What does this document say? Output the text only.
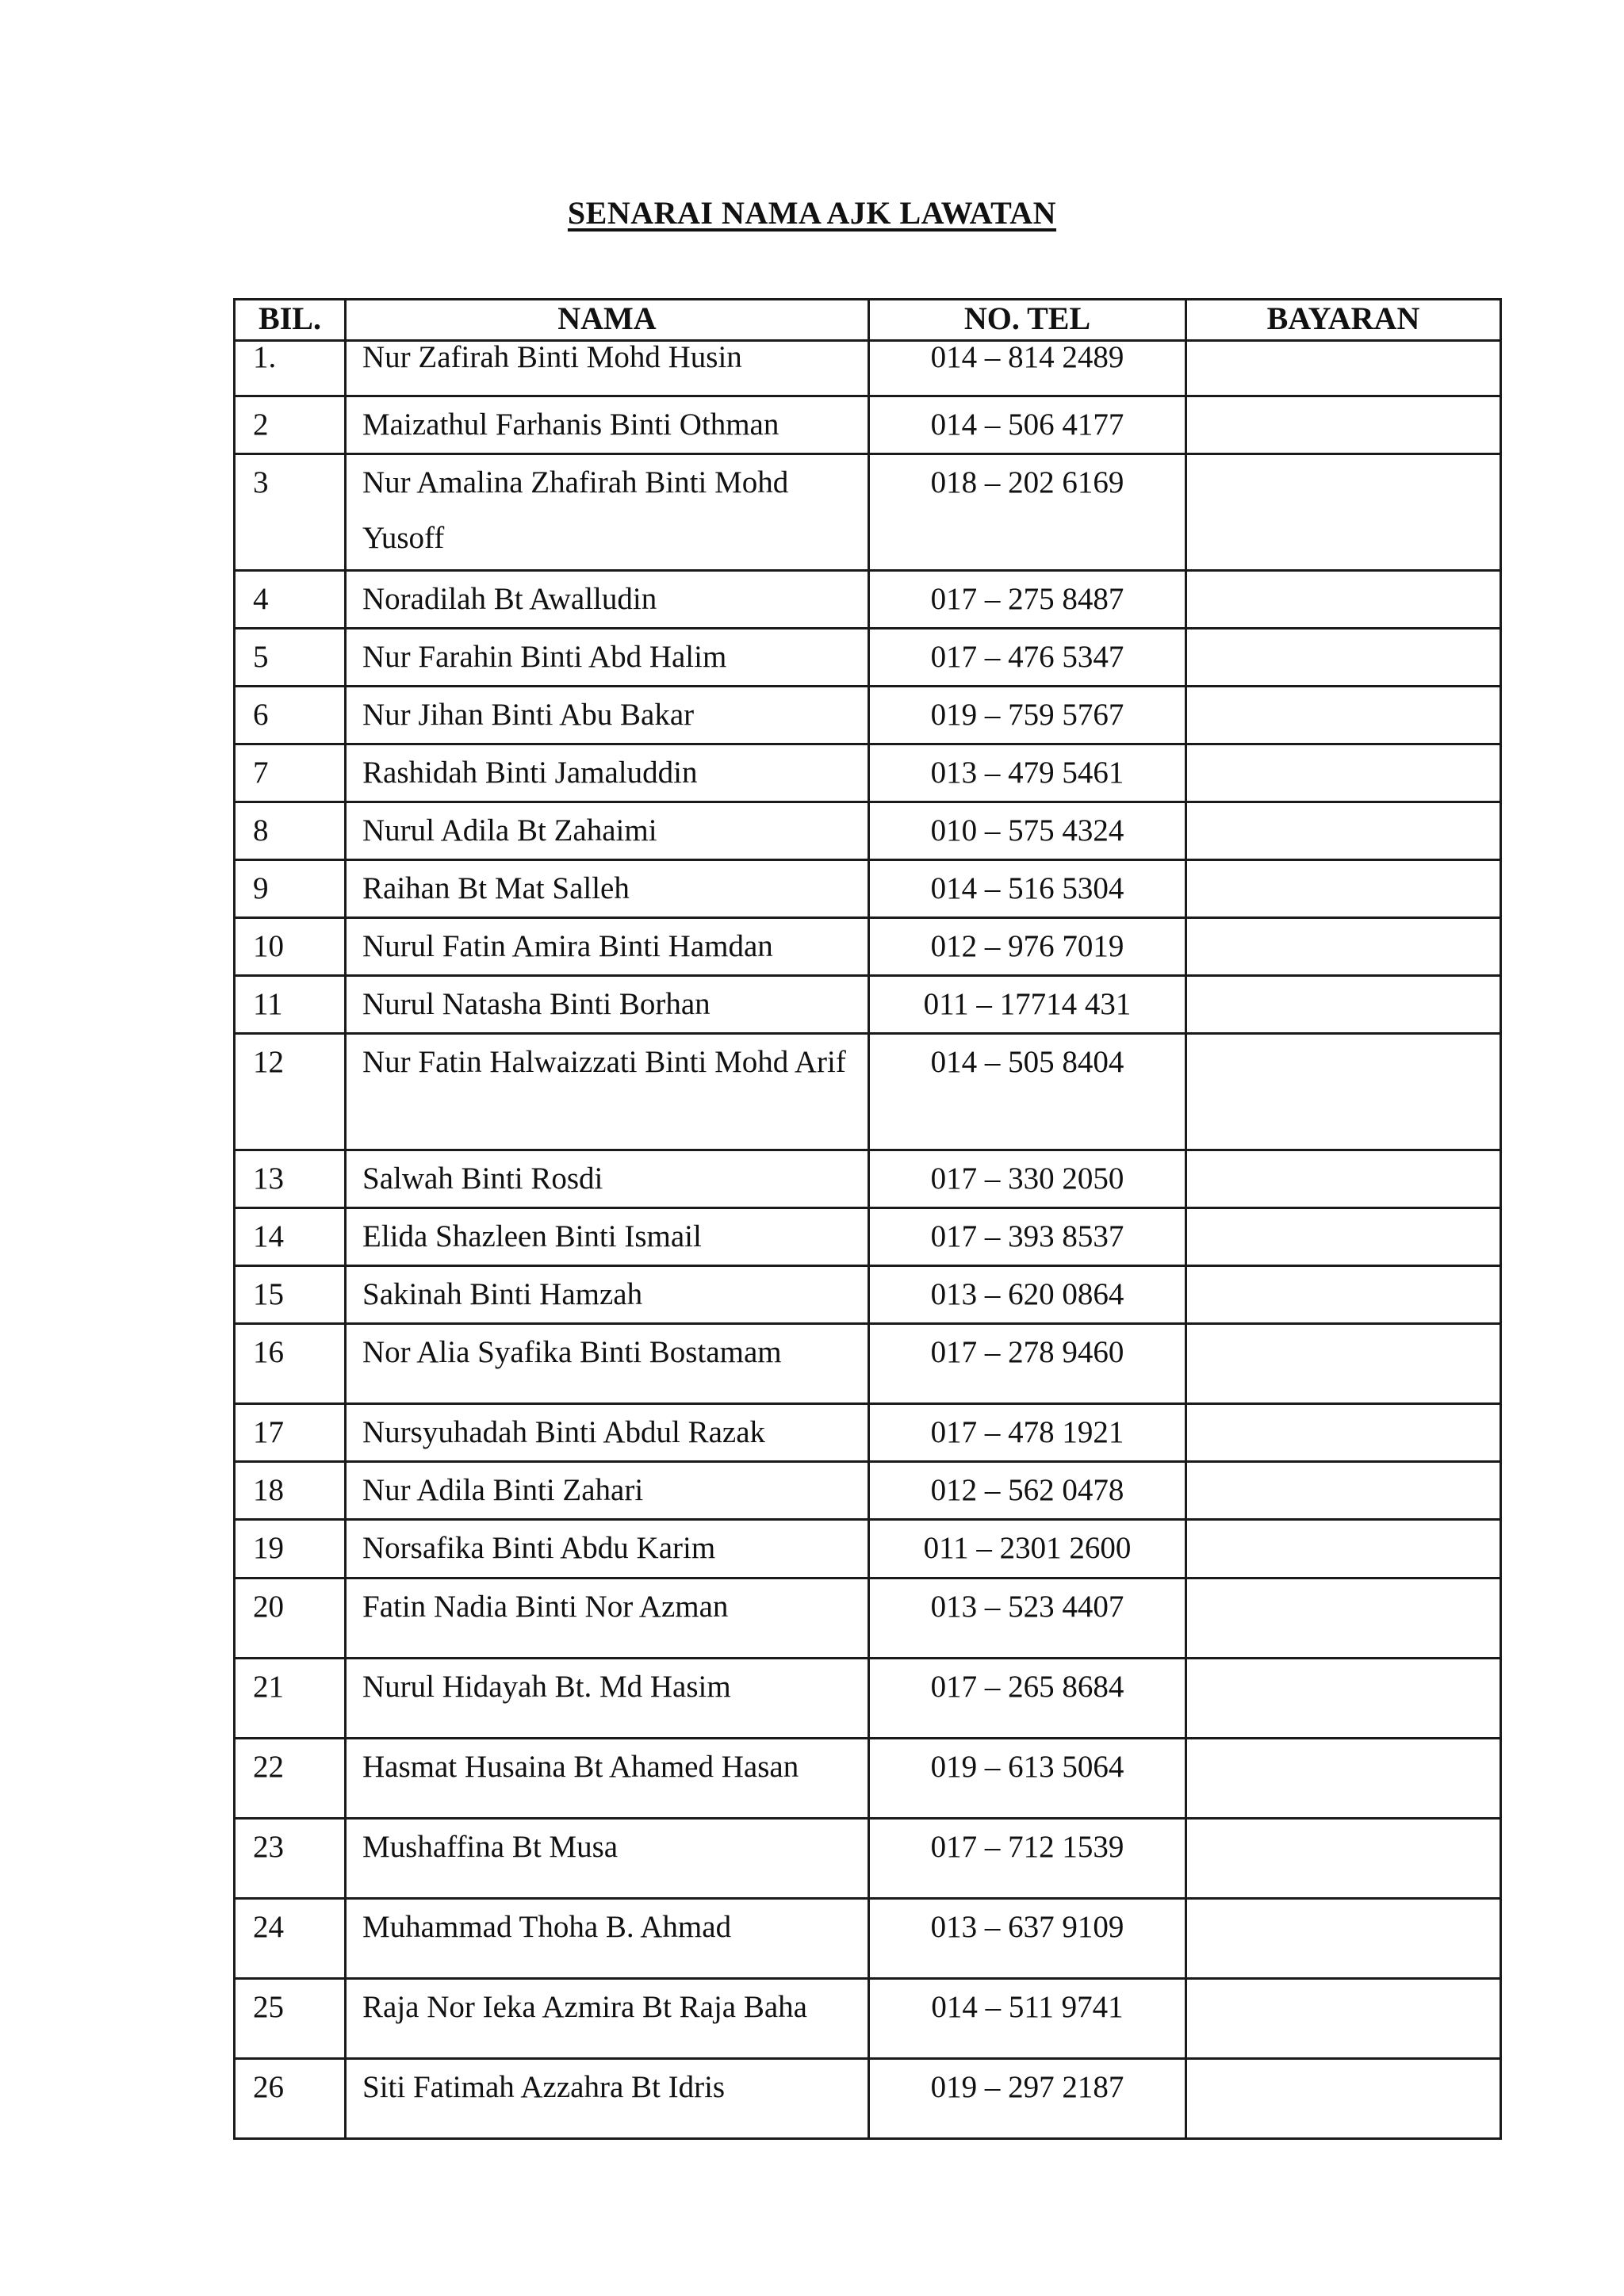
SENARAI NAMA AJK LAWATAN
BIL.	NAMA	NO. TEL	BAYARAN
1.	Nur Zafirah Binti Mohd Husin	014 – 814 2489	
2	Maizathul Farhanis Binti Othman	014 – 506 4177	
3	Nur Amalina Zhafirah Binti Mohd Yusoff	018 – 202 6169	
4	Noradilah Bt Awalludin	017 – 275 8487	
5	Nur Farahin Binti Abd Halim	017 – 476 5347	
6	Nur Jihan Binti Abu Bakar	019 – 759 5767	
7	Rashidah Binti Jamaluddin	013 – 479 5461	
8	Nurul Adila Bt Zahaimi	010 – 575 4324	
9	Raihan Bt Mat Salleh	014 – 516 5304	
10	Nurul Fatin Amira Binti Hamdan	012 – 976 7019	
11	Nurul Natasha Binti Borhan	011 – 17714 431	
12	Nur Fatin Halwaizzati Binti Mohd Arif	014 – 505 8404	
13	Salwah Binti Rosdi	017 – 330 2050	
14	Elida Shazleen Binti Ismail	017 – 393 8537	
15	Sakinah Binti Hamzah	013 – 620 0864	
16	Nor Alia Syafika Binti Bostamam	017 – 278 9460	
17	Nursyuhadah Binti Abdul Razak	017 – 478 1921	
18	Nur Adila Binti Zahari	012 – 562 0478	
19	Norsafika Binti Abdu Karim	011 – 2301 2600	
20	Fatin Nadia Binti Nor Azman	013 – 523 4407	
21	Nurul Hidayah Bt. Md Hasim	017 – 265 8684	
22	Hasmat Husaina Bt Ahamed Hasan	019 – 613 5064	
23	Mushaffina Bt Musa	017 – 712 1539	
24	Muhammad Thoha B. Ahmad	013 – 637 9109	
25	Raja Nor Ieka Azmira Bt Raja Baha	014 – 511 9741	
26	Siti Fatimah Azzahra Bt Idris	019 – 297 2187	
